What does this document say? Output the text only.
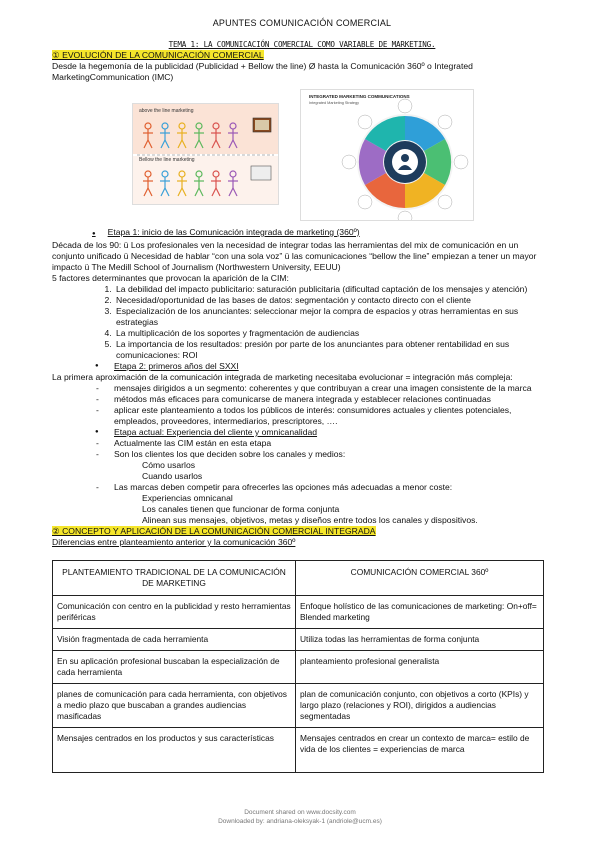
APUNTES COMUNICACIÓN COMERCIAL
TEMA 1: LA COMUNICACIÓN COMERCIAL COMO VARIABLE DE MARKETING.
① EVOLUCIÓN DE LA COMUNICACIÓN COMERCIAL

Desde la hegemonía de la publicidad (Publicidad + Bellow the line) Ø hasta la Comunicación 360º o Integrated MarketingCommunication (IMC)

above the line marketing
Bellow the line marketing
INTEGRATED MARKETING COMMUNICATIONS
Integrated Marketing Strategy
● Etapa 1: inicio de las Comunicación integrada de marketing (360º)

Década de los 90: ü Los profesionales ven la necesidad de integrar todas las herramientas del mix de comunicación en un conjunto unificado ü Necesidad de hablar “con una sola voz” ü las comunicaciones “bellow the line” empiezan a tener un mayor impacto ü The Medill School of Journalism (Northwestern University, EEUU)

5 factores determinantes que provocan la aparición de la CIM:

1. La debilidad del impacto publicitario: saturación publicitaria (dificultad captación de los mensajes y atención)
2. Necesidad/oportunidad de las bases de datos: segmentación y contacto directo con el cliente
3. Especialización de los anunciantes: seleccionar mejor la compra de espacios y otras herramientas en sus estrategias
4. La multiplicación de los soportes y fragmentación de audiencias
5. La importancia de los resultados: presión por parte de los anunciantes para obtener rentabilidad en sus comunicaciones: ROI
● Etapa 2: primeros años del SXXI

La primera aproximación de la comunicación integrada de marketing necesitaba evolucionar = integración más compleja:

- mensajes dirigidos a un segmento: coherentes y que contribuyan a crear una imagen consistente de la marca
- métodos más eficaces para comunicarse de manera integrada y establecer relaciones continuadas
- aplicar este planteamiento a todos los públicos de interés: consumidores actuales y clientes potenciales, empleados, proveedores, intermediarios, prescriptores, ….
● Etapa actual: Experiencia del cliente y omnicanalidad
- Actualmente las CIM están en esta etapa
- Son los clientes los que deciden sobre los canales y medios:
Cómo usarlos
Cuando usarlos
- Las marcas deben competir para ofrecerles las opciones más adecuadas a menor coste:
Experiencias omnicanal
Los canales tienen que funcionar de forma conjunta
Alinean sus mensajes, objetivos, metas y diseños entre todos los canales y dispositivos.
② CONCEPTO Y APLICACIÓN DE LA COMUNICACIÓN COMERCIAL INTEGRADA
Diferencias entre planteamiento anterior y la comunicación 360º
PLANTEAMIENTO TRADICIONAL DE LA COMUNICACIÓN DE MARKETING	COMUNICACIÓN COMERCIAL 360º
Comunicación con centro en la publicidad y resto herramientas periféricas	Enfoque holístico de las comunicaciones de marketing: On+off= Blended marketing
Visión fragmentada de cada herramienta	Utiliza todas las herramientas de forma conjunta
En su aplicación profesional buscaban la especialización de cada herramienta	planteamiento profesional generalista
planes de comunicación para cada herramienta, con objetivos a medio plazo que buscaban a grandes audiencias masificadas	plan de comunicación conjunto, con objetivos a corto (KPIs) y largo plazo (relaciones y ROI), dirigidos a audiencias segmentadas
Mensajes centrados en los productos y sus características	Mensajes centrados en crear un contexto de marca= estilo de vida de los clientes = experiencias de marca
Document shared on www.docsity.com
Downloaded by: andriana-oleksyak-1 (andriole@ucm.es)
